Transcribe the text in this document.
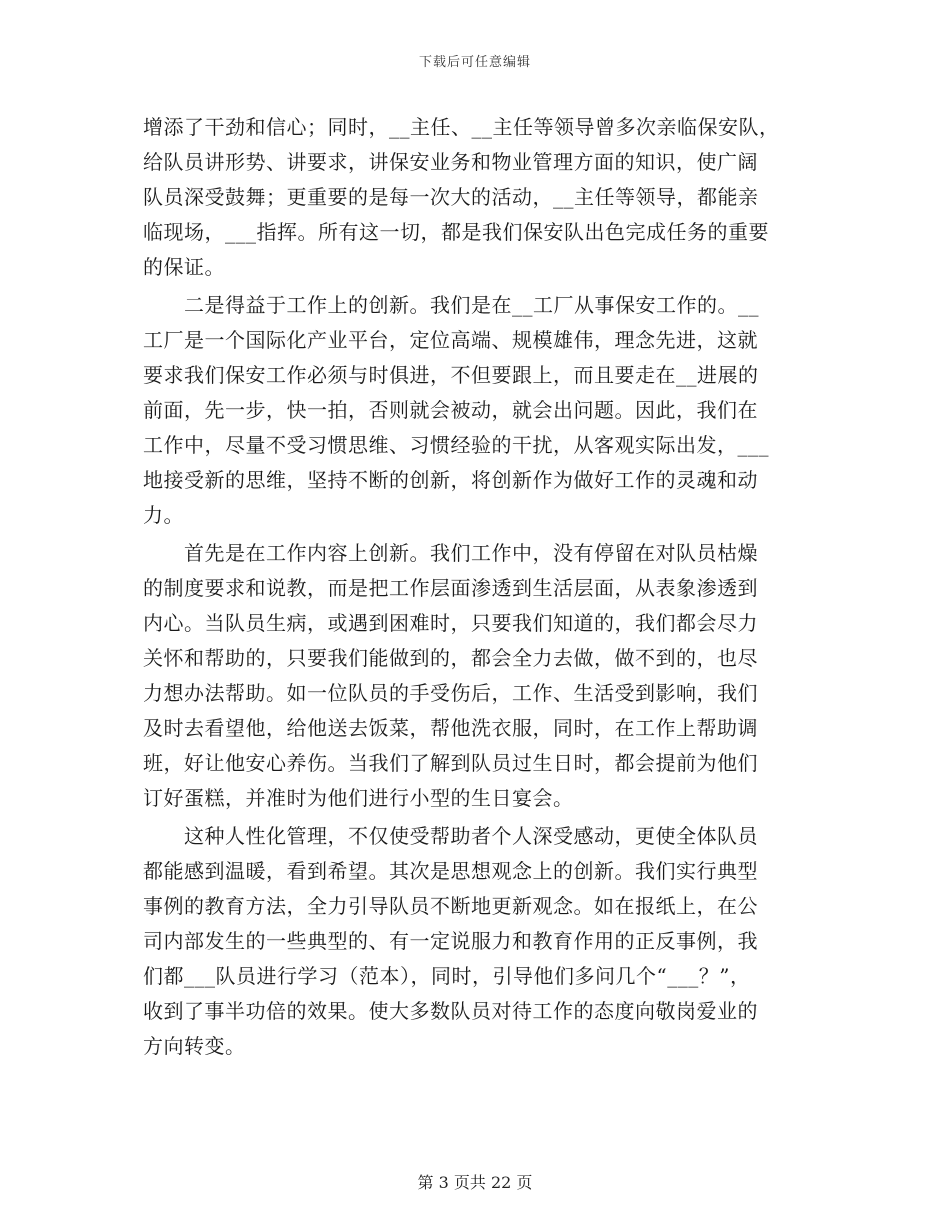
下载后可任意编辑
增添了干劲和信心；同时，__主任、__主任等领导曾多次亲临保安队，
给队员讲形势、讲要求，讲保安业务和物业管理方面的知识，使广阔
队员深受鼓舞；更重要的是每一次大的活动，__主任等领导，都能亲
临现场，___指挥。所有这一切，都是我们保安队出色完成任务的重要
的保证。
　　二是得益于工作上的创新。我们是在__工厂从事保安工作的。__
工厂是一个国际化产业平台，定位高端、规模雄伟，理念先进，这就
要求我们保安工作必须与时俱进，不但要跟上，而且要走在__进展的
前面，先一步，快一拍，否则就会被动，就会出问题。因此，我们在
工作中，尽量不受习惯思维、习惯经验的干扰，从客观实际出发，___
地接受新的思维，坚持不断的创新，将创新作为做好工作的灵魂和动
力。
　　首先是在工作内容上创新。我们工作中，没有停留在对队员枯燥
的制度要求和说教，而是把工作层面渗透到生活层面，从表象渗透到
内心。当队员生病，或遇到困难时，只要我们知道的，我们都会尽力
关怀和帮助的，只要我们能做到的，都会全力去做，做不到的，也尽
力想办法帮助。如一位队员的手受伤后，工作、生活受到影响，我们
及时去看望他，给他送去饭菜，帮他洗衣服，同时，在工作上帮助调
班，好让他安心养伤。当我们了解到队员过生日时，都会提前为他们
订好蛋糕，并准时为他们进行小型的生日宴会。
　　这种人性化管理，不仅使受帮助者个人深受感动，更使全体队员
都能感到温暖，看到希望。其次是思想观念上的创新。我们实行典型
事例的教育方法，全力引导队员不断地更新观念。如在报纸上，在公
司内部发生的一些典型的、有一定说服力和教育作用的正反事例，我
们都___队员进行学习（范本），同时，引导他们多问几个“___？”，
收到了事半功倍的效果。使大多数队员对待工作的态度向敬岗爱业的
方向转变。
第 3 页共 22 页
